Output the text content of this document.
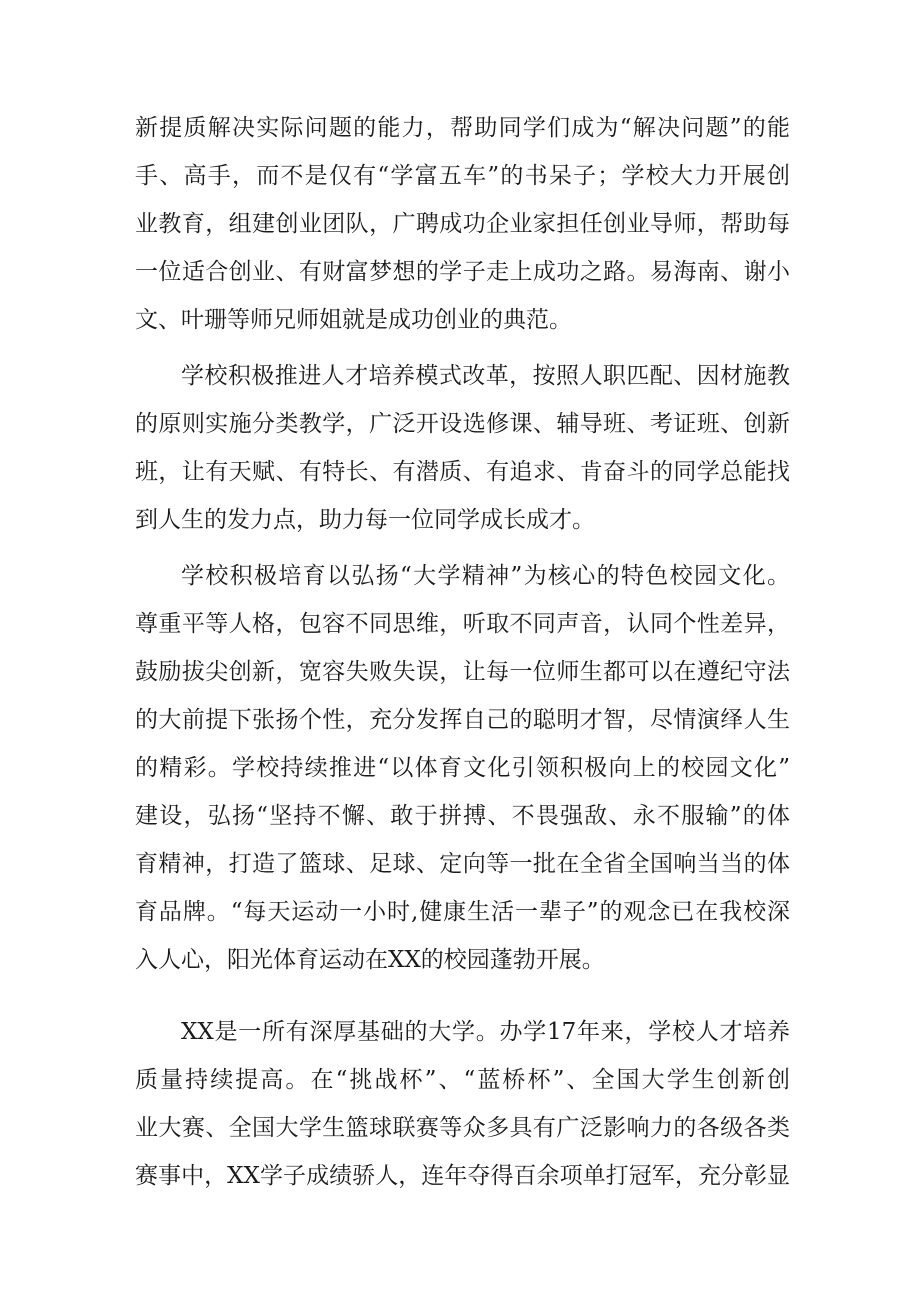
新提质解决实际问题的能力，帮助同学们成为“解决问题”的能
手、高手，而不是仅有“学富五车”的书呆子；学校大力开展创
业教育，组建创业团队，广聘成功企业家担任创业导师，帮助每
一位适合创业、有财富梦想的学子走上成功之路。易海南、谢小
文、叶珊等师兄师姐就是成功创业的典范。
学校积极推进人才培养模式改革，按照人职匹配、因材施教
的原则实施分类教学，广泛开设选修课、辅导班、考证班、创新
班，让有天赋、有特长、有潜质、有追求、肯奋斗的同学总能找
到人生的发力点，助力每一位同学成长成才。
学校积极培育以弘扬“大学精神”为核心的特色校园文化。
尊重平等人格，包容不同思维，听取不同声音，认同个性差异，
鼓励拔尖创新，宽容失败失误，让每一位师生都可以在遵纪守法
的大前提下张扬个性，充分发挥自己的聪明才智，尽情演绎人生
的精彩。学校持续推进“以体育文化引领积极向上的校园文化”
建设，弘扬“坚持不懈、敢于拼搏、不畏强敌、永不服输”的体
育精神，打造了篮球、足球、定向等一批在全省全国响当当的体
育品牌。“每天运动一小时,健康生活一辈子”的观念已在我校深
入人心，阳光体育运动在XX的校园蓬勃开展。
XX是一所有深厚基础的大学。办学17年来，学校人才培养
质量持续提高。在“挑战杯”、“蓝桥杯”、全国大学生创新创
业大赛、全国大学生篮球联赛等众多具有广泛影响力的各级各类
赛事中，XX学子成绩骄人，连年夺得百余项单打冠军，充分彰显
